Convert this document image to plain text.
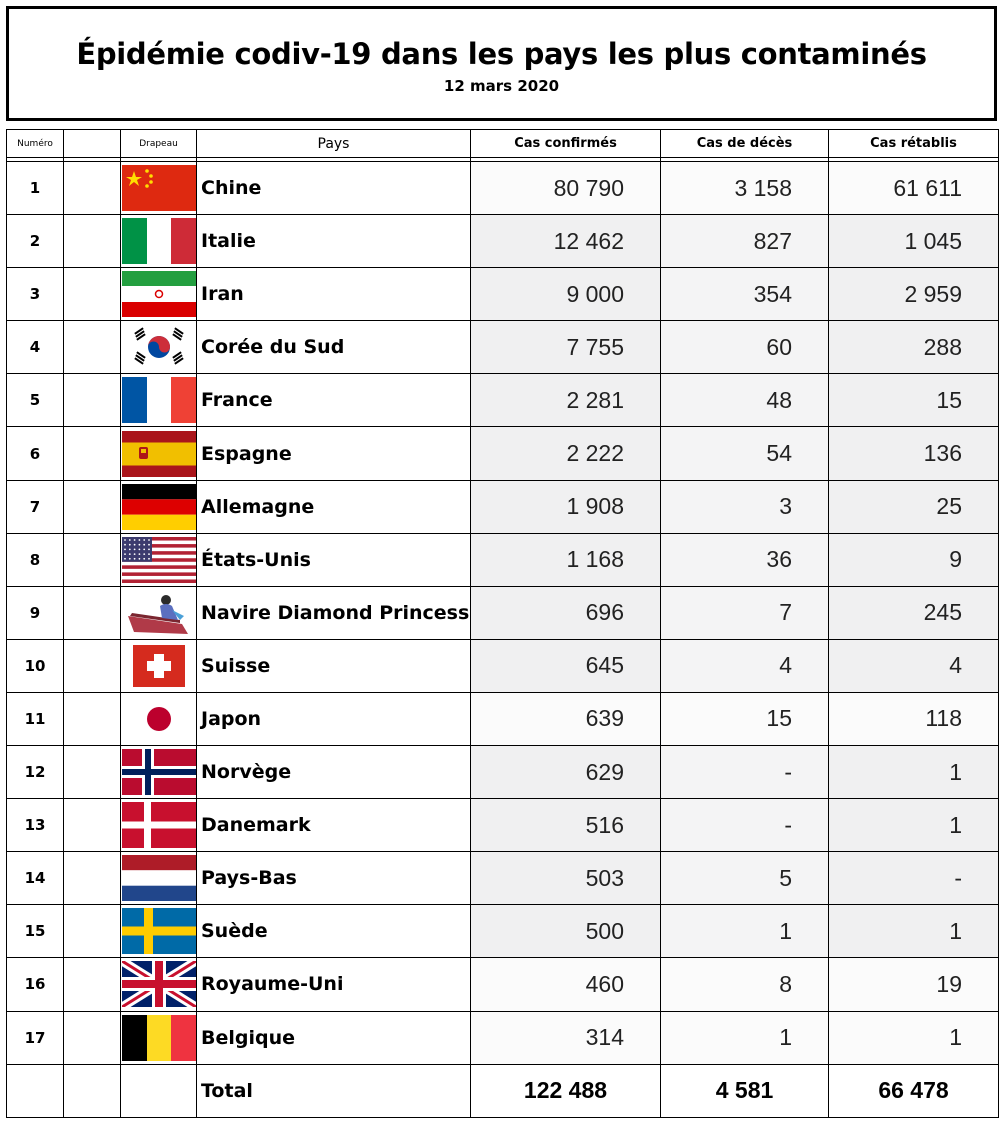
Épidémie codiv-19 dans les pays les plus contaminés
12 mars 2020
Numéro		Drapeau	Pays	Cas confirmés	Cas de décès	Cas rétablis

1			Chine	80 790	3 158	61 611
2			Italie	12 462	827	1 045
3			Iran	9 000	354	2 959
4			Corée du Sud	7 755	60	288
5			France	2 281	48	15
6			Espagne	2 222	54	136
7			Allemagne	1 908	3	25
8			États-Unis	1 168	36	9
9			Navire Diamond Princess	696	7	245
10			Suisse	645	4	4
11			Japon	639	15	118
12			Norvège	629	-	1
13			Danemark	516	-	1
14			Pays-Bas	503	5	-
15			Suède	500	1	1
16			Royaume-Uni	460	8	19
17			Belgique	314	1	1
			Total	122 488	4 581	66 478
